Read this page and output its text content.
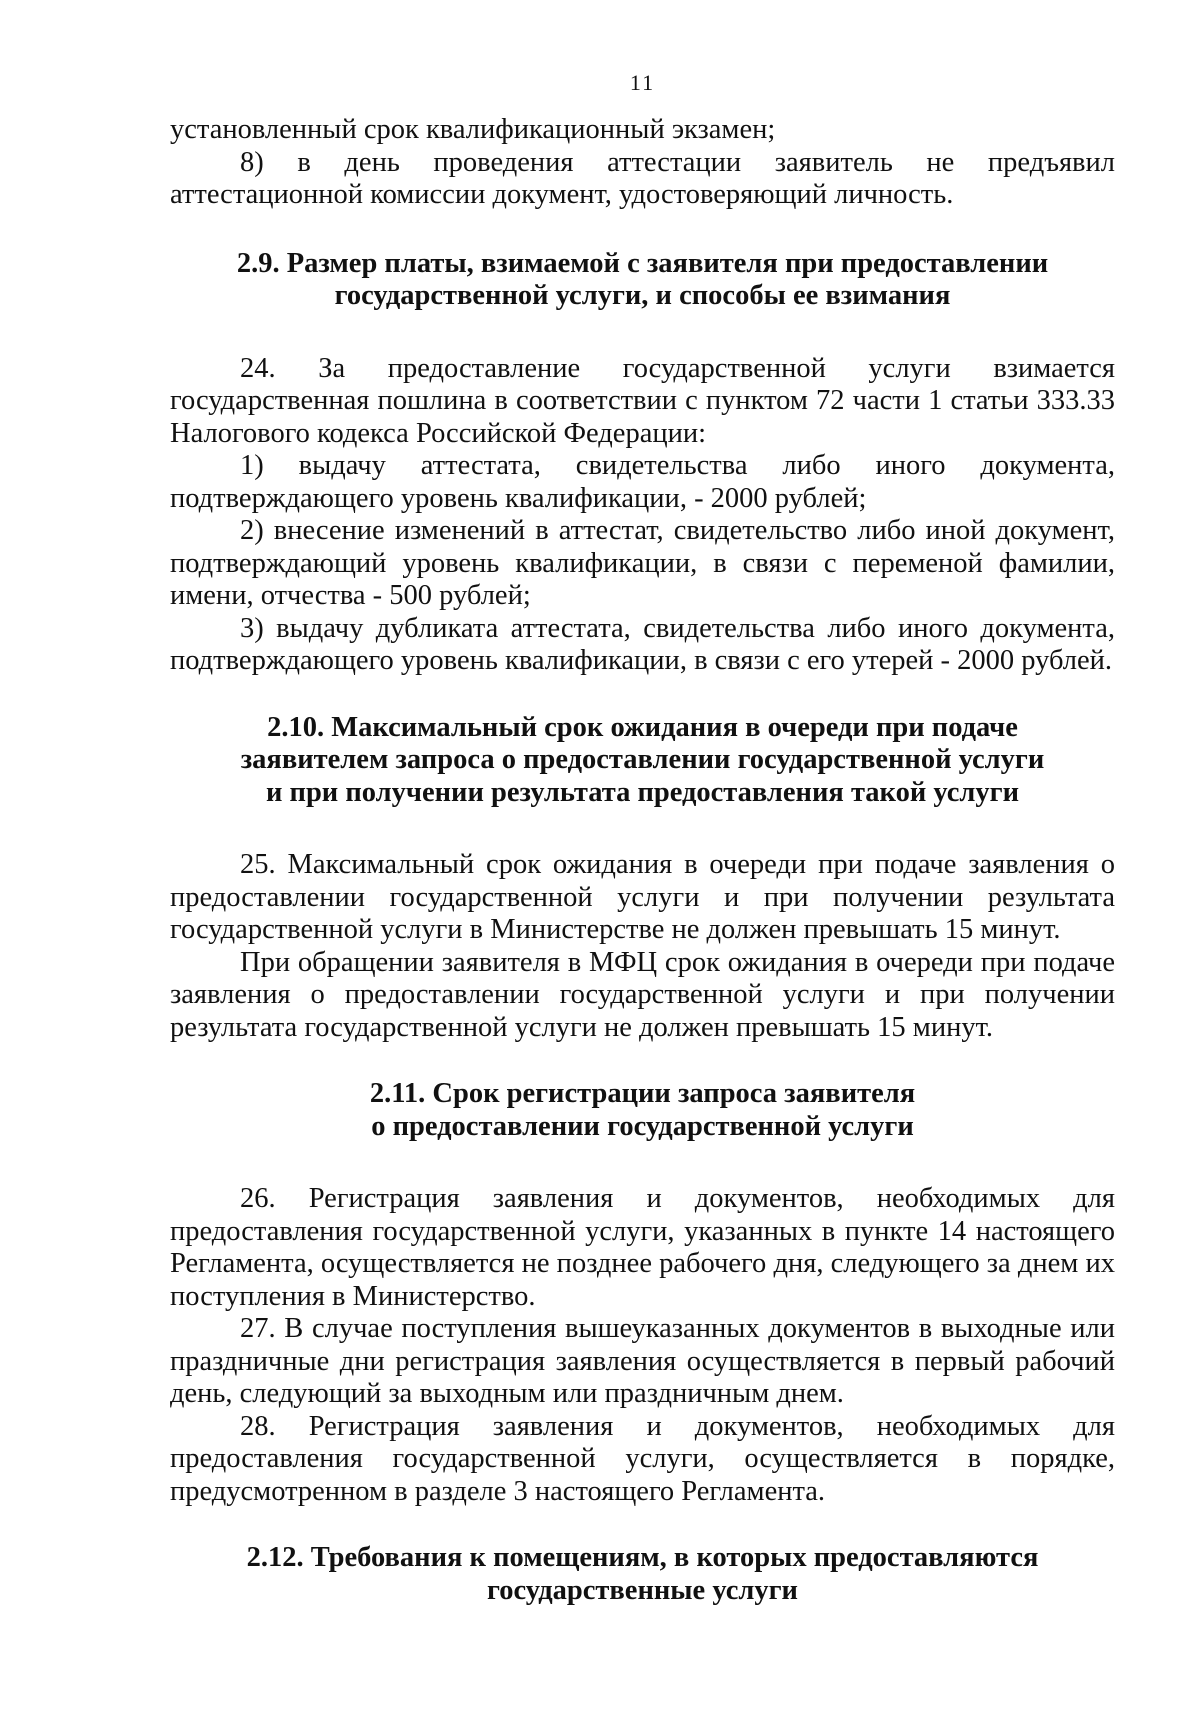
11

установленный срок квалификационный экзамен;

8) в день проведения аттестации заявитель не предъявил аттестационной комиссии документ, удостоверяющий личность.

2.9. Размер платы, взимаемой с заявителя при предоставлении
государственной услуги, и способы ее взимания

24. За предоставление государственной услуги взимается государственная пошлина в соответствии с пунктом 72 части 1 статьи 333.33 Налогового кодекса Российской Федерации:

1) выдачу аттестата, свидетельства либо иного документа, подтверждающего уровень квалификации, - 2000 рублей;

2) внесение изменений в аттестат, свидетельство либо иной документ, подтверждающий уровень квалификации, в связи с переменой фамилии, имени, отчества - 500 рублей;

3) выдачу дубликата аттестата, свидетельства либо иного документа, подтверждающего уровень квалификации, в связи с его утерей - 2000 рублей.

2.10. Максимальный срок ожидания в очереди при подаче
заявителем запроса о предоставлении государственной услуги
и при получении результата предоставления такой услуги

25. Максимальный срок ожидания в очереди при подаче заявления о предоставлении государственной услуги и при получении результата государственной услуги в Министерстве не должен превышать 15 минут.

При обращении заявителя в МФЦ срок ожидания в очереди при подаче заявления о предоставлении государственной услуги и при получении результата государственной услуги не должен превышать 15 минут.

2.11. Срок регистрации запроса заявителя
о предоставлении государственной услуги

26. Регистрация заявления и документов, необходимых для предоставления государственной услуги, указанных в пункте 14 настоящего Регламента, осуществляется не позднее рабочего дня, следующего за днем их поступления в Министерство.

27. В случае поступления вышеуказанных документов в выходные или праздничные дни регистрация заявления осуществляется в первый рабочий день, следующий за выходным или праздничным днем.

28. Регистрация заявления и документов, необходимых для предоставления государственной услуги, осуществляется в порядке, предусмотренном в разделе 3 настоящего Регламента.

2.12. Требования к помещениям, в которых предоставляются
государственные услуги
